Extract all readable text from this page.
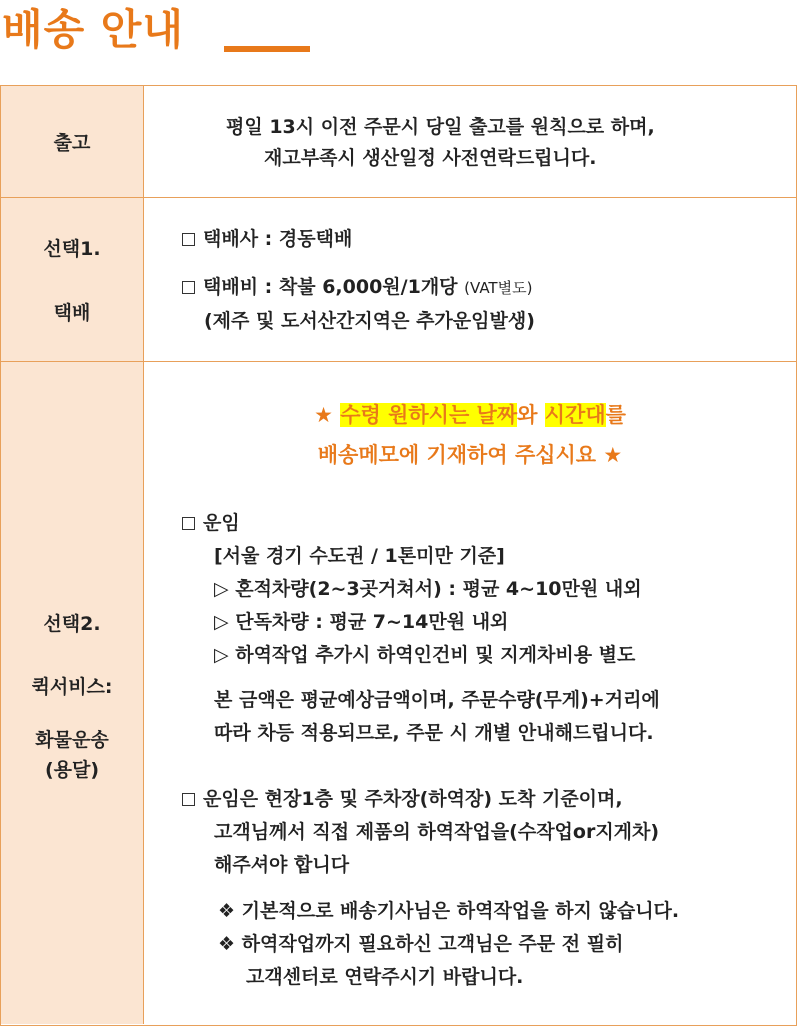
배송 안내
출고
평일 13시 이전 주문시 당일 출고를 원칙으로 하며,
재고부족시 생산일정 사전연락드립니다.
선택1.
택배
택배사 : 경동택배
택배비 : 착불 6,000원/1개당 (VAT별도)
(제주 및 도서산간지역은 추가운임발생)
선택2.
퀵서비스:
화물운송
(용달)
★ 수령 원하시는 날짜와 시간대를
배송메모에 기재하여 주십시요 ★
운임
[서울 경기 수도권 / 1톤미만 기준]
▷ 혼적차량(2~3곳거쳐서) : 평균 4~10만원 내외
▷ 단독차량 : 평균 7~14만원 내외
▷ 하역작업 추가시 하역인건비 및 지게차비용 별도
본 금액은 평균예상금액이며, 주문수량(무게)+거리에
따라 차등 적용되므로, 주문 시 개별 안내해드립니다.
운임은 현장1층 및 주차장(하역장) 도착 기준이며,
고객님께서 직접 제품의 하역작업을(수작업or지게차)
해주셔야 합니다
❖ 기본적으로 배송기사님은 하역작업을 하지 않습니다.
❖ 하역작업까지 필요하신 고객님은 주문 전 필히
고객센터로 연락주시기 바랍니다.
